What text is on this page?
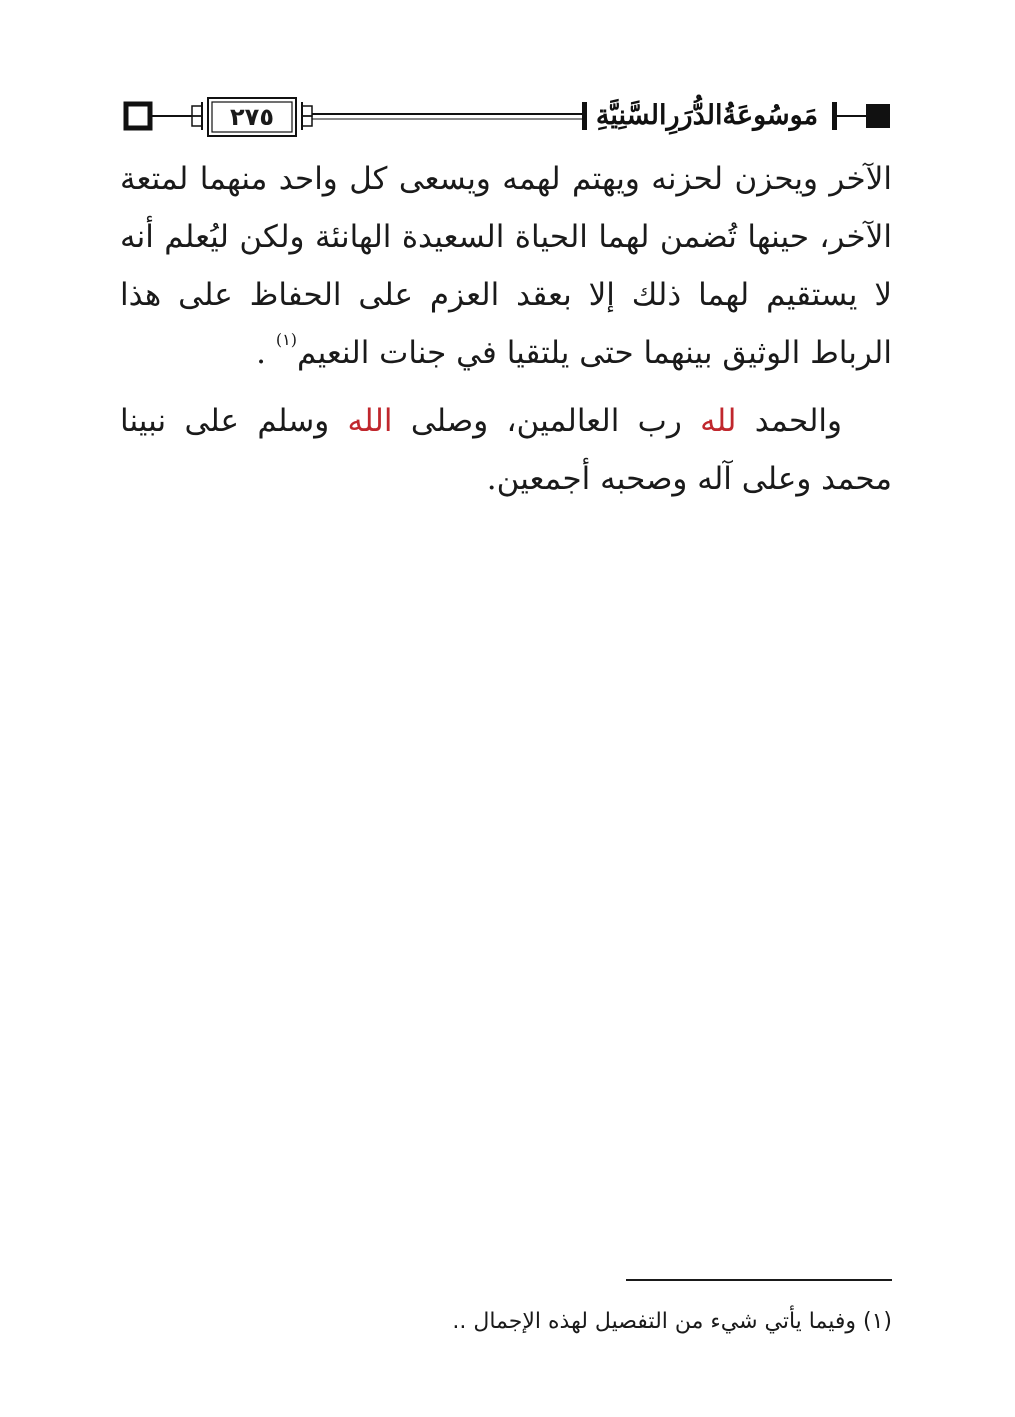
٢٧٥	مَوسُوعَةُالدُّرَرِالسَّنِيَّةِ

الآخر ويحزن لحزنه ويهتم لهمه ويسعى كل واحد منهما لمتعة الآخر، حينها تُضمن لهما الحياة السعيدة الهانئة ولكن ليُعلم أنه لا يستقيم لهما ذلك إلا بعقد العزم على الحفاظ على هذا الرباط الوثيق بينهما حتى يلتقيا في جنات النعيم$^{(١)}$ .

والحمد لله رب العالمين، وصلى الله وسلم على نبينا محمد وعلى آله وصحبه أجمعين.

(١) وفيما يأتي شيء من التفصيل لهذه الإجمال ..
